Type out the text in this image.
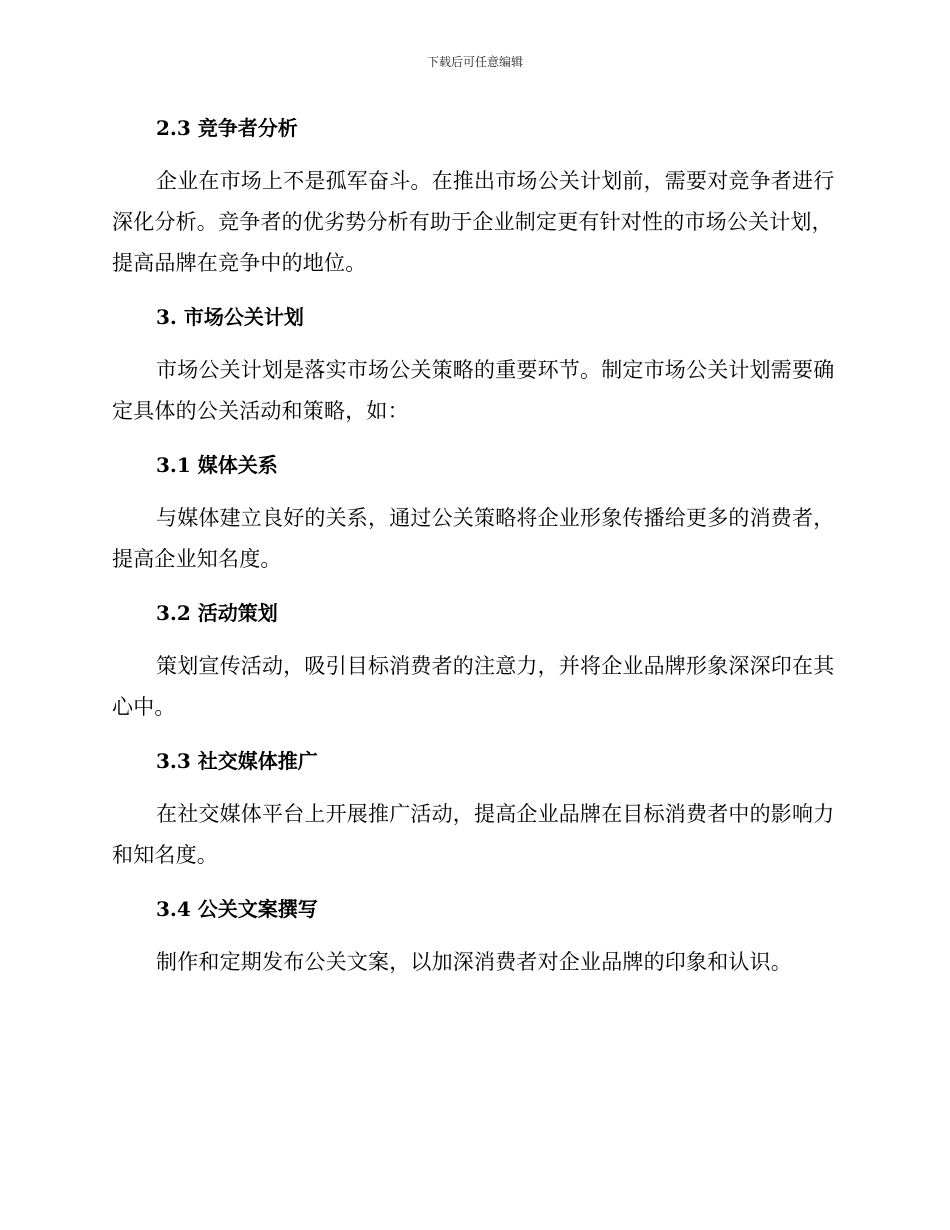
下载后可任意编辑
2.3 竞争者分析

企业在市场上不是孤军奋斗。在推出市场公关计划前，需要对竞争者进行深化分析。竞争者的优劣势分析有助于企业制定更有针对性的市场公关计划，提高品牌在竞争中的地位。

3. 市场公关计划

市场公关计划是落实市场公关策略的重要环节。制定市场公关计划需要确定具体的公关活动和策略，如：

3.1 媒体关系

与媒体建立良好的关系，通过公关策略将企业形象传播给更多的消费者，提高企业知名度。

3.2 活动策划

策划宣传活动，吸引目标消费者的注意力，并将企业品牌形象深深印在其心中。

3.3 社交媒体推广

在社交媒体平台上开展推广活动，提高企业品牌在目标消费者中的影响力和知名度。

3.4 公关文案撰写

制作和定期发布公关文案，以加深消费者对企业品牌的印象和认识。
